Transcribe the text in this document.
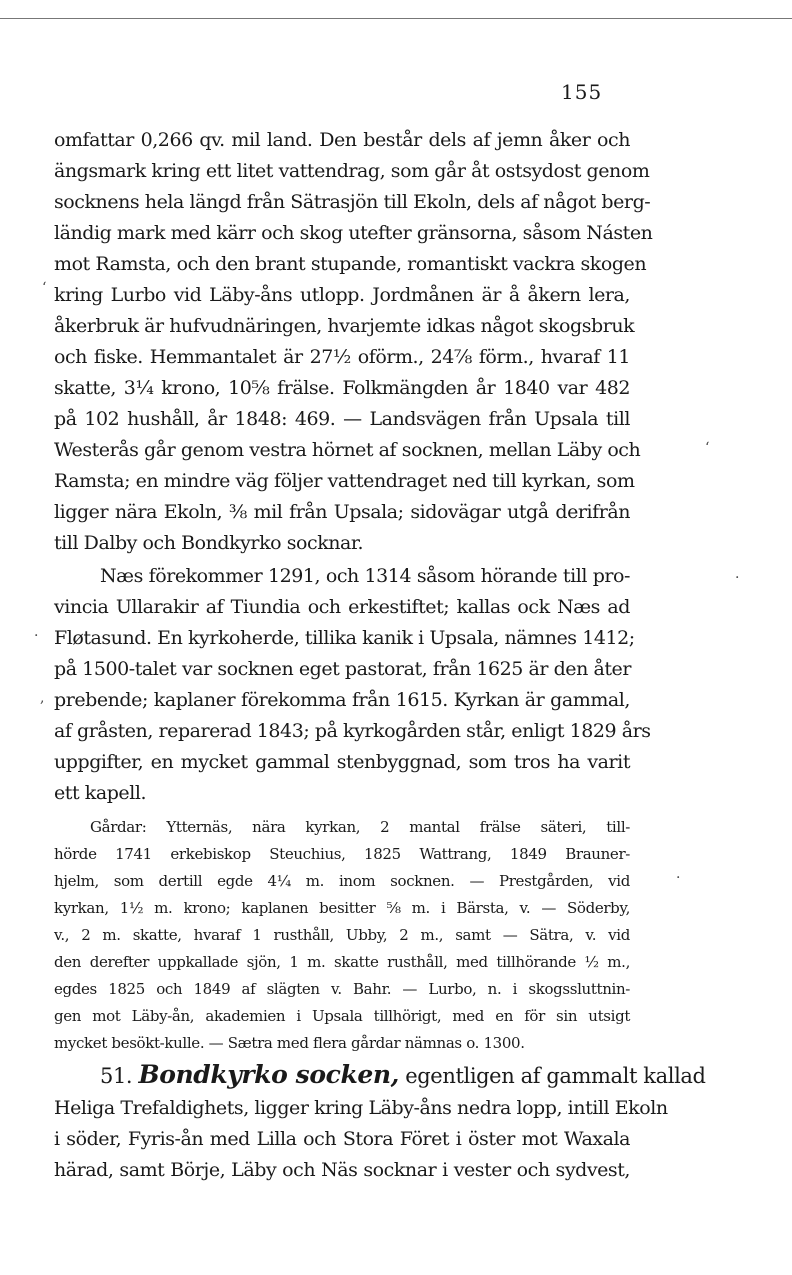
155
omfattar 0,266 qv. mil land. Den består dels af jemn åker och
ängsmark kring ett litet vattendrag, som går åt ostsydost genom
socknens hela längd från Sätrasjön till Ekoln, dels af något berg-
ländig mark med kärr och skog utefter gränsorna, såsom Násten
mot Ramsta, och den brant stupande, romantiskt vackra skogen
kring Lurbo vid Läby-åns utlopp. Jordmånen är å åkern lera,
åkerbruk är hufvudnäringen, hvarjemte idkas något skogsbruk
och fiske. Hemmantalet är 27½ oförm., 24⅞ förm., hvaraf 11
skatte, 3¼ krono, 10⅝ frälse. Folkmängden år 1840 var 482
på 102 hushåll, år 1848: 469. — Landsvägen från Upsala till
Westerås går genom vestra hörnet af socknen, mellan Läby och
Ramsta; en mindre väg följer vattendraget ned till kyrkan, som
ligger nära Ekoln, ⅜ mil från Upsala; sidovägar utgå derifrån
till Dalby och Bondkyrko socknar.
Næs förekommer 1291, och 1314 såsom hörande till pro-
vincia Ullarakir af Tiundia och erkestiftet; kallas ock Næs ad
Fløtasund. En kyrkoherde, tillika kanik i Upsala, nämnes 1412;
på 1500-talet var socknen eget pastorat, från 1625 är den åter
prebende; kaplaner förekomma från 1615. Kyrkan är gammal,
af gråsten, reparerad 1843; på kyrkogården står, enligt 1829 års
uppgifter, en mycket gammal stenbyggnad, som tros ha varit
ett kapell.
Gårdar: Ytternäs, nära kyrkan, 2 mantal frälse säteri, till-
hörde 1741 erkebiskop Steuchius, 1825 Wattrang, 1849 Brauner-
hjelm, som dertill egde 4¼ m. inom socknen. — Prestgården, vid
kyrkan, 1½ m. krono; kaplanen besitter ⅝ m. i Bärsta, v. — Söderby,
v., 2 m. skatte, hvaraf 1 rusthåll, Ubby, 2 m., samt — Sätra, v. vid
den derefter uppkallade sjön, 1 m. skatte rusthåll, med tillhörande ½ m.,
egdes 1825 och 1849 af slägten v. Bahr. — Lurbo, n. i skogssluttnin-
gen mot Läby-ån, akademien i Upsala tillhörigt, med en för sin utsigt
mycket besökt-kulle. — Sætra med flera gårdar nämnas o. 1300.
51. Bondkyrko socken, egentligen af gammalt kallad
Heliga Trefaldighets, ligger kring Läby-åns nedra lopp, intill Ekoln
i söder, Fyris-ån med Lilla och Stora Föret i öster mot Waxala
härad, samt Börje, Läby och Näs socknar i vester och sydvest,
‘
·
·
,
·
‘
